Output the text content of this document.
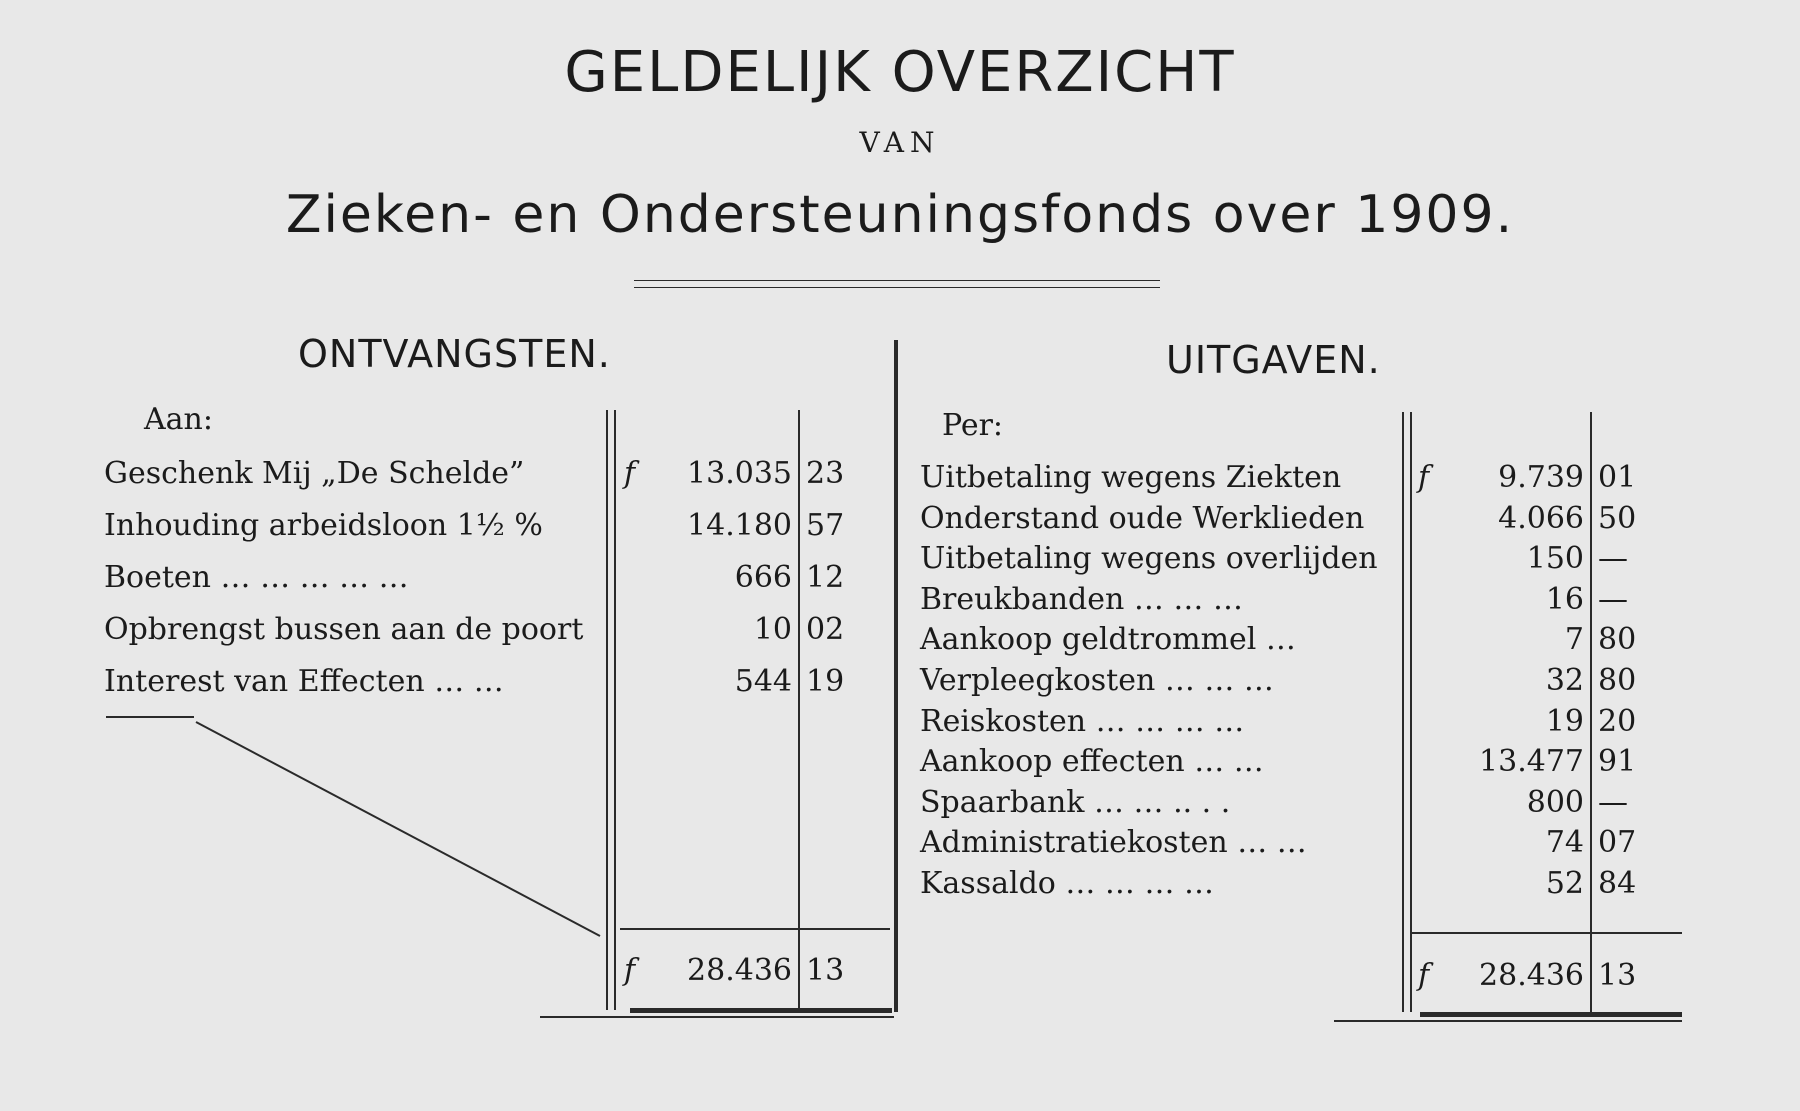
GELDELIJK OVERZICHT
VAN
Zieken- en Ondersteuningsfonds over 1909.
ONTVANGSTEN.
Aan:
Geschenk Mij „De Schelde”	f	13.035 23
Inhouding arbeidsloon 1½ %	14.180 57
Boeten … … … … …	666 12
Opbrengst bussen aan de poort	10 02
Interest van Effecten … …	544 19
f	28.436 13
UITGAVEN.
Per:
Uitbetaling wegens Ziekten	f	9.739 01
Onderstand oude Werklieden	4.066 50
Uitbetaling wegens overlijden	150 —
Breukbanden … … …	16 —
Aankoop geldtrommel …	7 80
Verpleegkosten … … …	32 80
Reiskosten … … … …	19 20
Aankoop effecten … …	13.477 91
Spaarbank … … .. . .	800 —
Administratiekosten … …	74 07
Kassaldo … … … …	52 84
f	28.436 13
